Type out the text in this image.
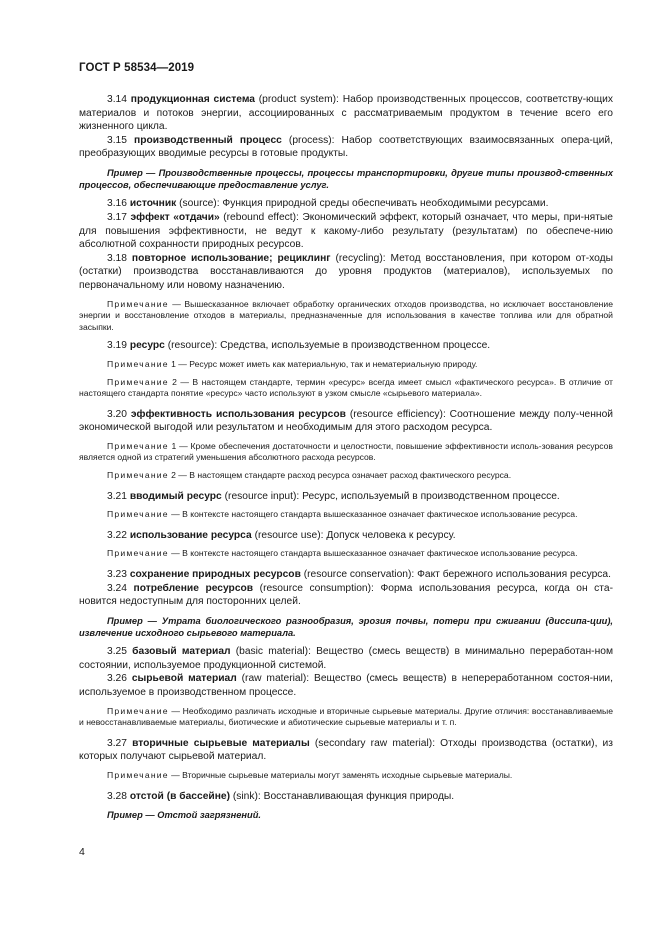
ГОСТ Р 58534—2019

3.14 продукционная система (product system): Набор производственных процессов, соответству-ющих материалов и потоков энергии, ассоциированных с рассматриваемым продуктом в течение всего его жизненного цикла.

3.15 производственный процесс (process): Набор соответствующих взаимосвязанных опера-ций, преобразующих вводимые ресурсы в готовые продукты.

Пример — Производственные процессы, процессы транспортировки, другие типы производ-ственных процессов, обеспечивающие предоставление услуг.

3.16 источник (source): Функция природной среды обеспечивать необходимыми ресурсами.

3.17 эффект «отдачи» (rebound effect): Экономический эффект, который означает, что меры, при-нятые для повышения эффективности, не ведут к какому-либо результату (результатам) по обеспече-нию абсолютной сохранности природных ресурсов.

3.18 повторное использование; рециклинг (recycling): Метод восстановления, при котором от-ходы (остатки) производства восстанавливаются до уровня продуктов (материалов), используемых по первоначальному или новому назначению.

Примечание — Вышесказанное включает обработку органических отходов производства, но исключает восстановление энергии и восстановление отходов в материалы, предназначенные для использования в качестве топлива или для обратной засыпки.

3.19 ресурс (resource): Средства, используемые в производственном процессе.

Примечание 1 — Ресурс может иметь как материальную, так и нематериальную природу.

Примечание 2 — В настоящем стандарте, термин «ресурс» всегда имеет смысл «фактического ресурса». В отличие от настоящего стандарта понятие «ресурс» часто используют в узком смысле «сырьевого материала».

3.20 эффективность использования ресурсов (resource efficiency): Соотношение между полу-ченной экономической выгодой или результатом и необходимым для этого расходом ресурса.

Примечание 1 — Кроме обеспечения достаточности и целостности, повышение эффективности исполь-зования ресурсов является одной из стратегий уменьшения абсолютного расхода ресурсов.

Примечание 2 — В настоящем стандарте расход ресурса означает расход фактического ресурса.

3.21 вводимый ресурс (resource input): Ресурс, используемый в производственном процессе.

Примечание — В контексте настоящего стандарта вышесказанное означает фактическое использование ресурса.

3.22 использование ресурса (resource use): Допуск человека к ресурсу.

Примечание — В контексте настоящего стандарта вышесказанное означает фактическое использование ресурса.

3.23 сохранение природных ресурсов (resource conservation): Факт бережного использования ресурса.

3.24 потребление ресурсов (resource consumption): Форма использования ресурса, когда он ста-новится недоступным для посторонних целей.

Пример — Утрата биологического разнообразия, эрозия почвы, потери при сжигании (диссипа-ции), извлечение исходного сырьевого материала.

3.25 базовый материал (basic material): Вещество (смесь веществ) в минимально переработан-ном состоянии, используемое продукционной системой.

3.26 сырьевой материал (raw material): Вещество (смесь веществ) в непереработанном состоя-нии, используемое в производственном процессе.

Примечание — Необходимо различать исходные и вторичные сырьевые материалы. Другие отличия: восстанавливаемые и невосстанавливаемые материалы, биотические и абиотические сырьевые материалы и т. п.

3.27 вторичные сырьевые материалы (secondary raw material): Отходы производства (остатки), из которых получают сырьевой материал.

Примечание — Вторичные сырьевые материалы могут заменять исходные сырьевые материалы.

3.28 отстой (в бассейне) (sink): Восстанавливающая функция природы.

Пример — Отстой загрязнений.

4
